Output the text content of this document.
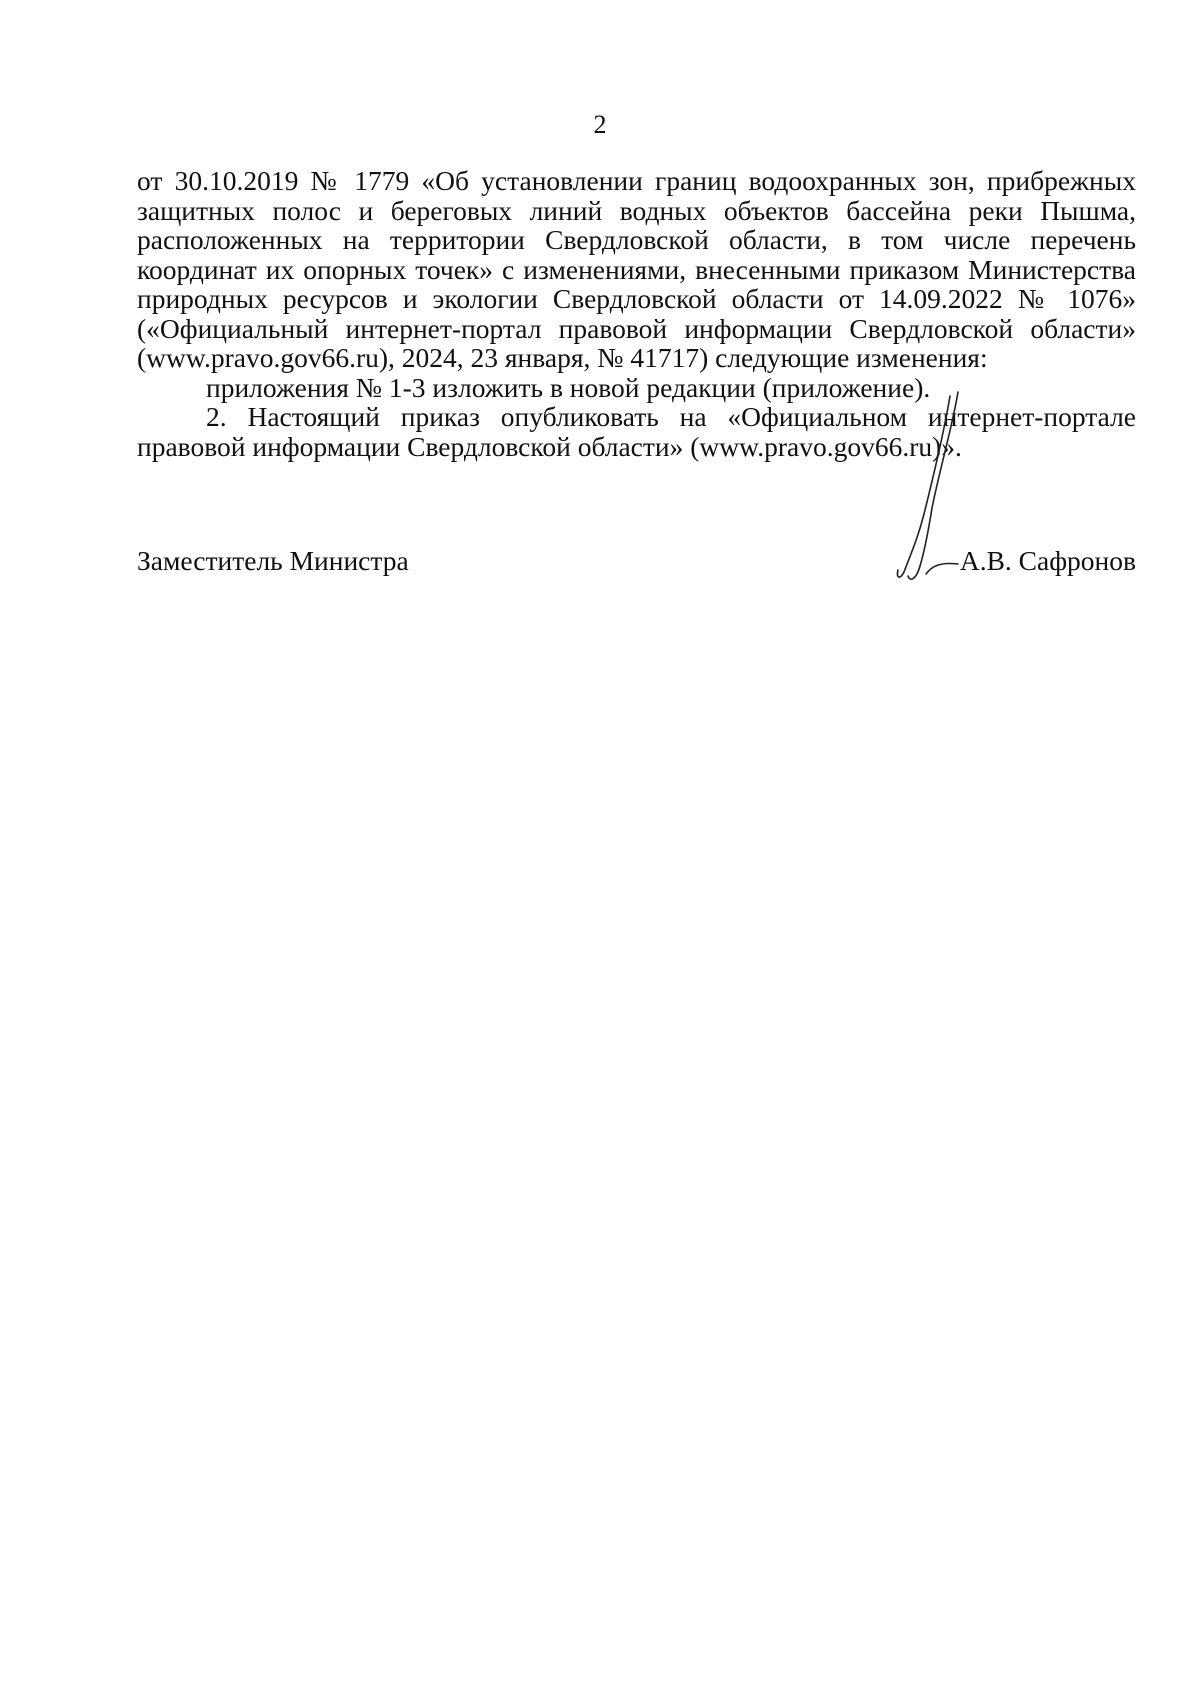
2

от 30.10.2019 № 1779 «Об установлении границ водоохранных зон, прибрежных защитных полос и береговых линий водных объектов бассейна реки Пышма, расположенных на территории Свердловской области, в том числе перечень координат их опорных точек» с изменениями, внесенными приказом Министерства природных ресурсов и экологии Свердловской области от 14.09.2022 № 1076» («Официальный интернет-портал правовой информации Свердловской области» (www.pravo.gov66.ru), 2024, 23 января, № 41717) следующие изменения:

приложения № 1-3 изложить в новой редакции (приложение).

2. Настоящий приказ опубликовать на «Официальном интернет-портале правовой информации Свердловской области» (www.pravo.gov66.ru)».

Заместитель Министра	А.В. Сафронов
